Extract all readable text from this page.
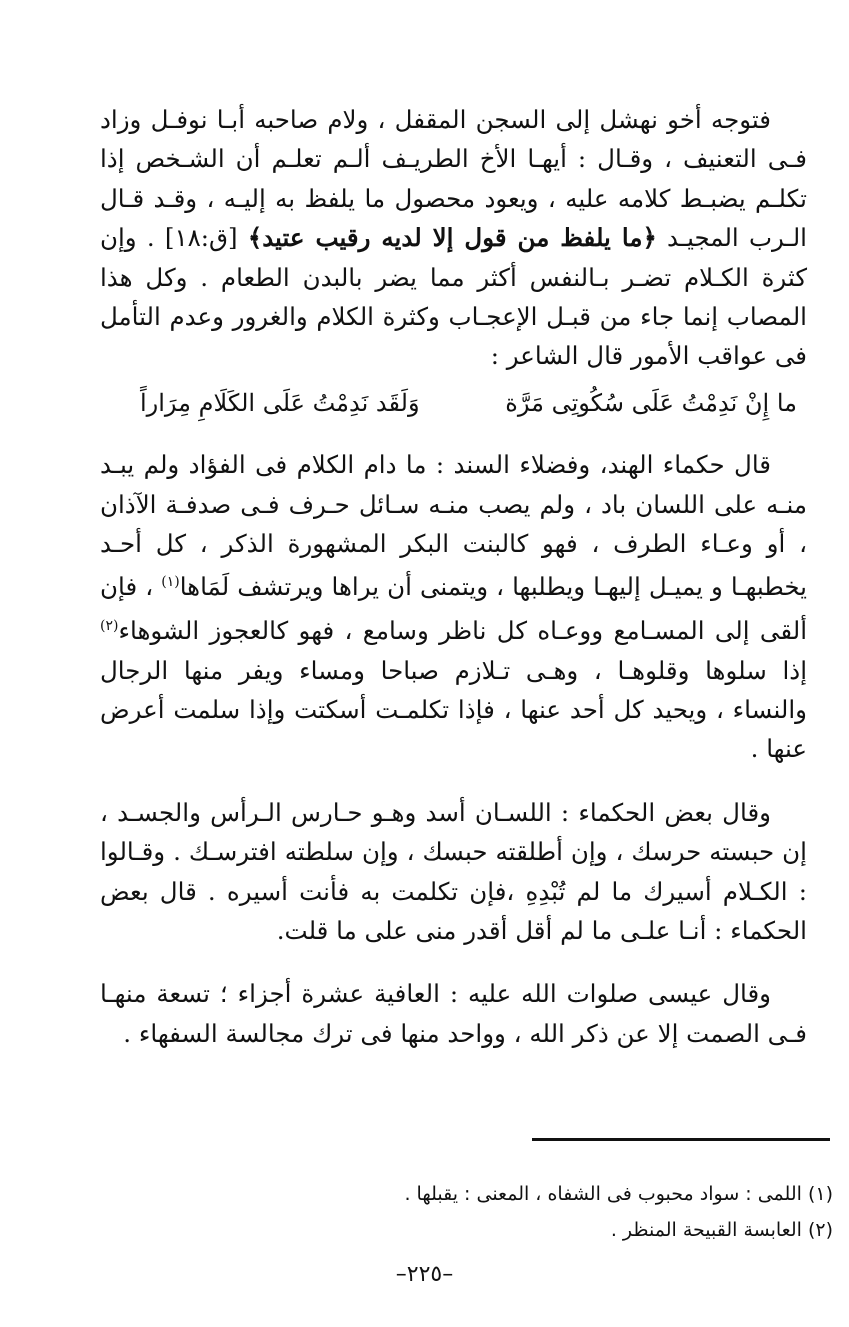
فتوجه أخو نهشل إلى السجن المقفل ، ولام صاحبه أبـا نوفـل وزاد فـى التعنيف ، وقـال : أيهـا الأخ الطريـف ألـم تعلـم أن الشـخص إذا تكلـم يضبـط كلامه عليه ، ويعود محصول ما يلفظ به إليـه ، وقـد قـال الـرب المجيـد ﴿ما يلفظ من قول إلا لديه رقيب عتيد﴾ [ق:١٨] . وإن كثرة الكـلام تضـر بـالنفس أكثر مما يضر بالبدن الطعام . وكل هذا المصاب إنما جاء من قبـل الإعجـاب وكثرة الكلام والغرور وعدم التأمل فى عواقب الأمور قال الشاعر :

ما إِنْ نَدِمْتُ عَلَى سُكُوتِى مَرَّة
وَلَقَد نَدِمْتُ عَلَى الكَلَامِ مِرَاراً

قال حكماء الهند، وفضلاء السند : ما دام الكلام فى الفؤاد ولم يبـد منـه على اللسان باد ، ولم يصب منـه سـائل حـرف فـى صدفـة الآذان ، أو وعـاء الطرف ، فهو كالبنت البكر المشهورة الذكر ، كل أحـد يخطبهـا و يميـل إليهـا ويطلبها ، ويتمنى أن يراها ويرتشف لَمَاها$^{(١)}$ ، فإن ألقى إلى المسـامع ووعـاه كل ناظر وسامع ، فهو كالعجوز الشوهاء$^{(٢)}$ إذا سلوها وقلوهـا ، وهـى تـلازم صباحا ومساء ويفر منها الرجال والنساء ، ويحيد كل أحد عنها ، فإذا تكلمـت أسكتت وإذا سلمت أعرض عنها .

وقال بعض الحكماء : اللسـان أسد وهـو حـارس الـرأس والجسـد ، إن حبسته حرسك ، وإن أطلقته حبسك ، وإن سلطته افترسـك . وقـالوا : الكـلام أسيرك ما لم تُبْدِهِ ،فإن تكلمت به فأنت أسيره . قال بعض الحكماء : أنـا علـى ما لم أقل أقدر منى على ما قلت.

وقال عيسى صلوات الله عليه : العافية عشرة أجزاء ؛ تسعة منهـا فـى الصمت إلا عن ذكر الله ، وواحد منها فى ترك مجالسة السفهاء .

(١) اللمى : سواد محبوب فى الشفاه ، المعنى : يقبلها .

(٢) العابسة القبيحة المنظر .

–٢٢٥–
